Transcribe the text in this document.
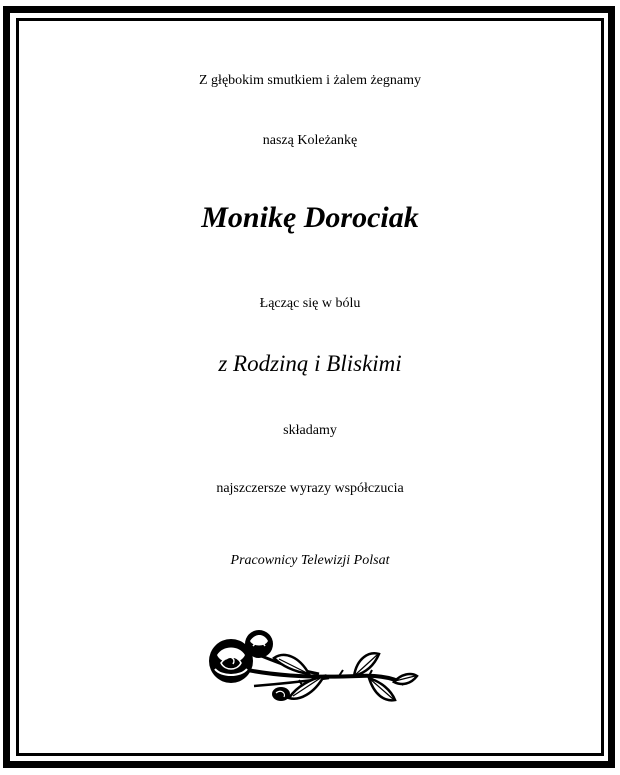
Z głębokim smutkiem i żalem żegnamy
naszą Koleżankę
Monikę Dorociak
Łącząc się w bólu
z Rodziną i Bliskimi
składamy
najszczersze wyrazy współczucia
Pracownicy Telewizji Polsat
